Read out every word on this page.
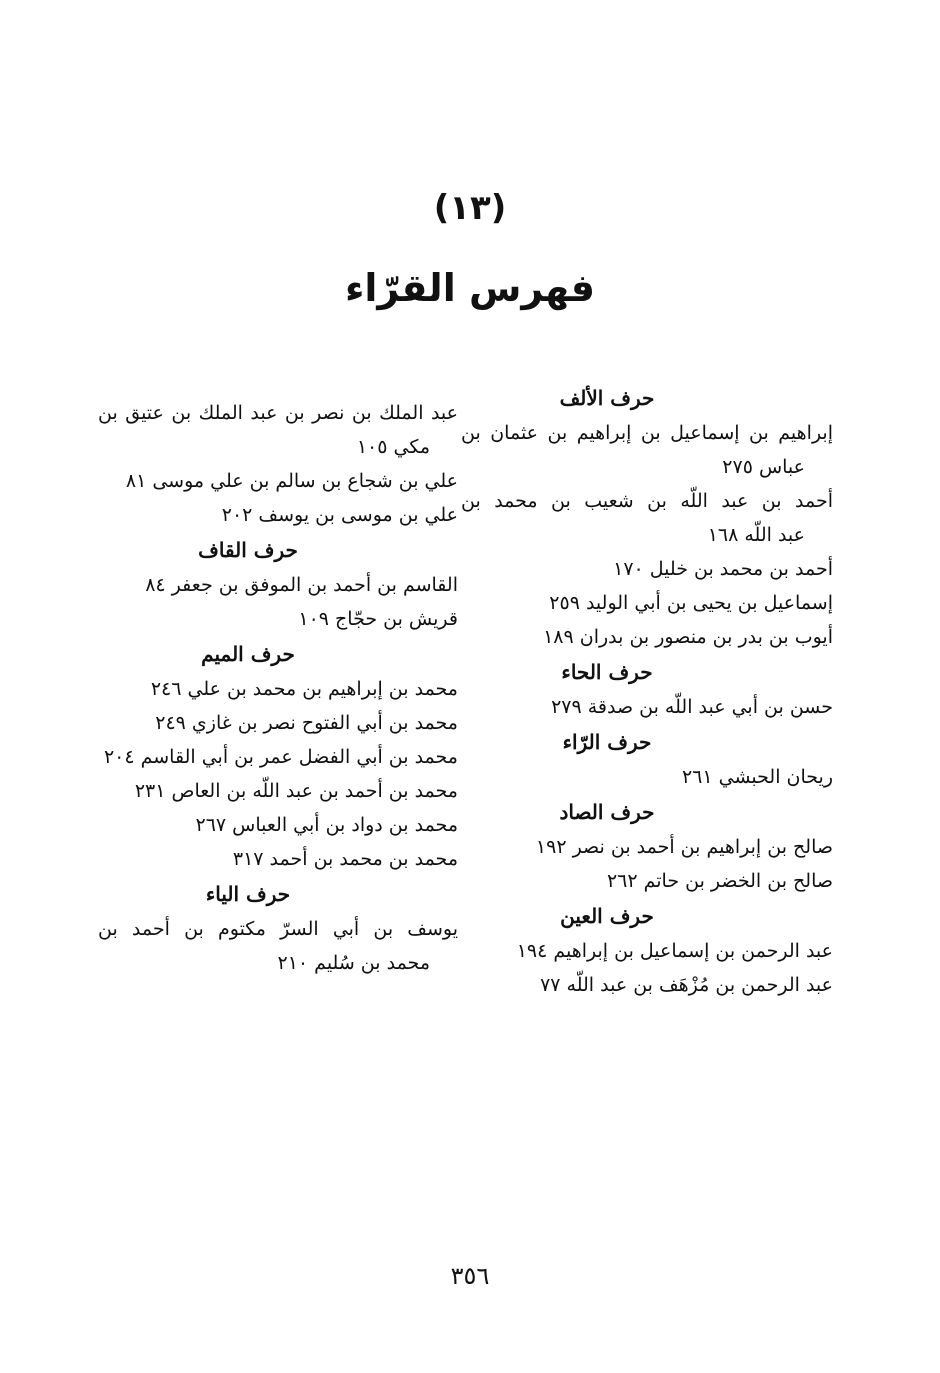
(١٣)
فهرس القرّاء
حرف الألف
إبراهيم بن إسماعيل بن إبراهيم بن عثمان بن
عباس ٢٧٥
أحمد بن عبد اللّه بن شعيب بن محمد بن
عبد اللّه ١٦٨
أحمد بن محمد بن خليل ١٧٠
إسماعيل بن يحيى بن أبي الوليد ٢٥٩
أيوب بن بدر بن منصور بن بدران ١٨٩
حرف الحاء
حسن بن أبي عبد اللّه بن صدقة ٢٧٩
حرف الرّاء
ريحان الحبشي ٢٦١
حرف الصاد
صالح بن إبراهيم بن أحمد بن نصر ١٩٢
صالح بن الخضر بن حاتم ٢٦٢
حرف العين
عبد الرحمن بن إسماعيل بن إبراهيم ١٩٤
عبد الرحمن بن مُزْهَف بن عبد اللّه ٧٧
عبد الملك بن نصر بن عبد الملك بن عتيق بن
مكي ١٠٥
علي بن شجاع بن سالم بن علي موسى ٨١
علي بن موسى بن يوسف ٢٠٢
حرف القاف
القاسم بن أحمد بن الموفق بن جعفر ٨٤
قريش بن حجّاج ١٠٩
حرف الميم
محمد بن إبراهيم بن محمد بن علي ٢٤٦
محمد بن أبي الفتوح نصر بن غازي ٢٤٩
محمد بن أبي الفضل عمر بن أبي القاسم ٢٠٤
محمد بن أحمد بن عبد اللّه بن العاص ٢٣١
محمد بن دواد بن أبي العباس ٢٦٧
محمد بن محمد بن أحمد ٣١٧
حرف الياء
يوسف بن أبي السرّ مكتوم بن أحمد بن
محمد بن سُليم ٢١٠
٣٥٦
